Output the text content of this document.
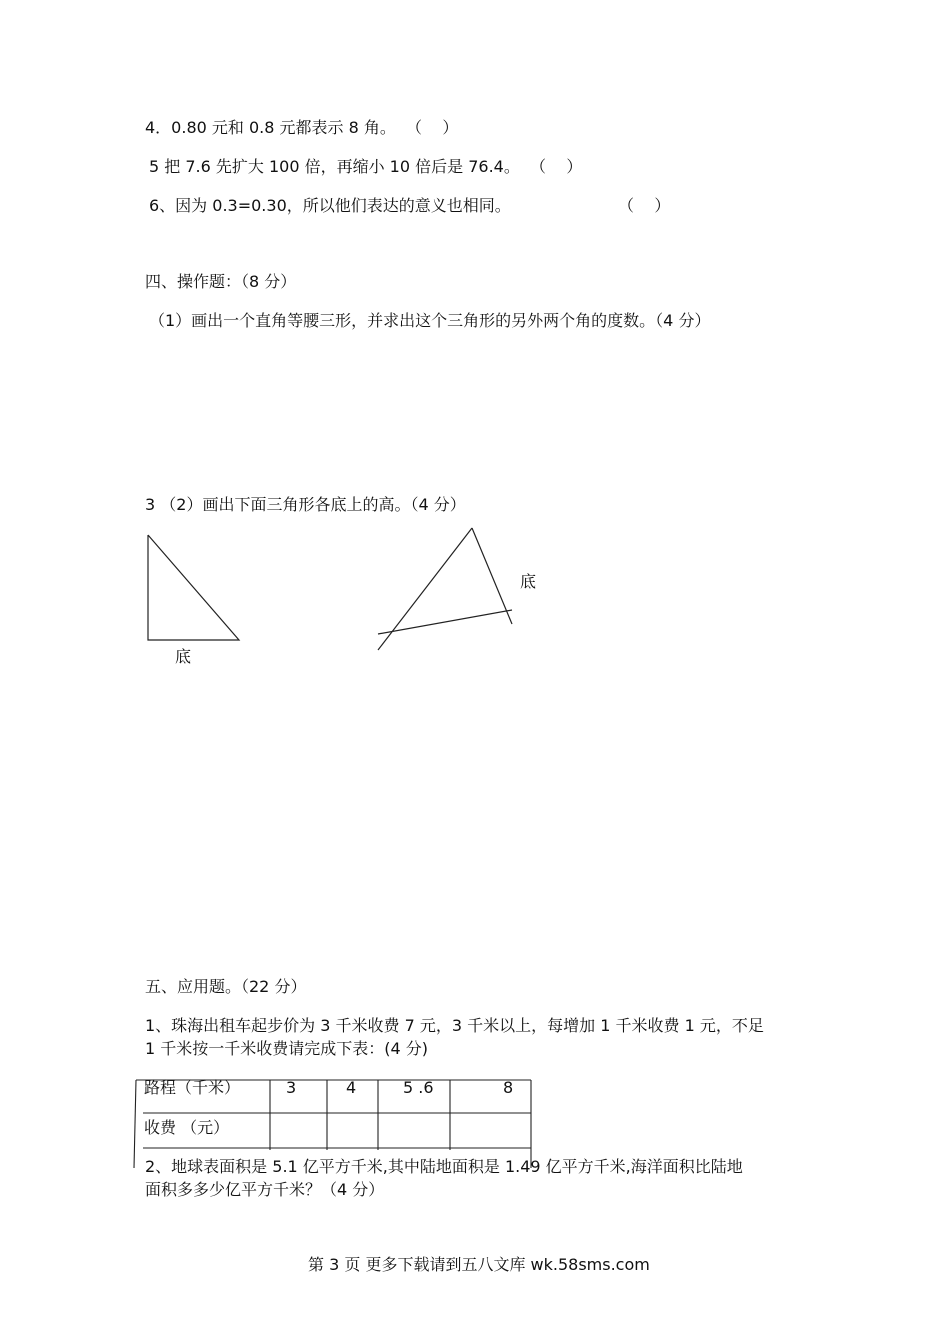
4．0.80 元和 0.8 元都表示 8 角。  （    ）
5 把 7.6 先扩大 100 倍，再缩小 10 倍后是 76.4。  （    ）
6、因为 0.3=0.30，所以他们表达的意义也相同。	（    ）
四、操作题：（8 分）
（1）画出一个直角等腰三形，并求出这个三角形的另外两个角的度数。（4 分）
3 （2）画出下面三角形各底上的高。（4 分）
底
底
五、应用题。（22 分）
1、珠海出租车起步价为 3 千米收费 7 元，3 千米以上，每增加 1 千米收费 1 元，不足
1 千米按一千米收费请完成下表：(4 分)
路程（千米）	3	4	5 .6	8
收费 （元）
2、地球表面积是 5.1 亿平方千米,其中陆地面积是 1.49 亿平方千米,海洋面积比陆地
面积多多少亿平方千米？（4 分）
第 3 页 更多下载请到五八文库 wk.58sms.com
